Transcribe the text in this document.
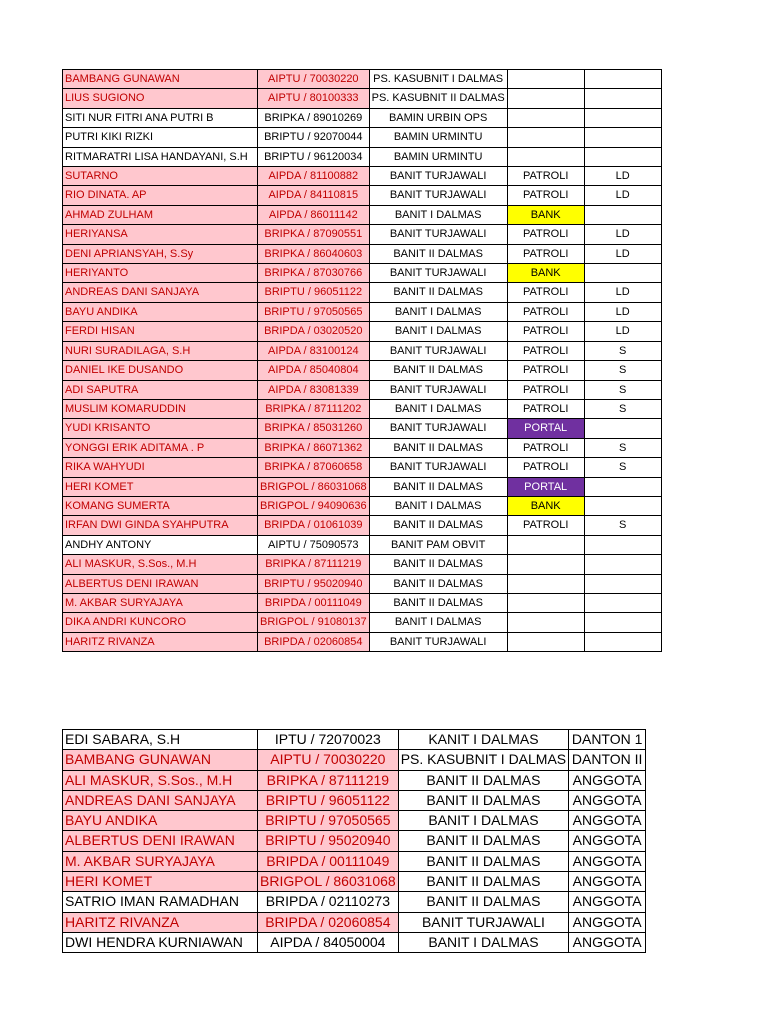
BAMBANG GUNAWAN	AIPTU / 70030220	PS. KASUBNIT I DALMAS		
LIUS SUGIONO	AIPTU / 80100333	PS. KASUBNIT II DALMAS		
SITI NUR FITRI ANA PUTRI B	BRIPKA / 89010269	BAMIN URBIN OPS		
PUTRI KIKI RIZKI	BRIPTU / 92070044	BAMIN URMINTU		
RITMARATRI LISA HANDAYANI, S.H	BRIPTU / 96120034	BAMIN URMINTU		
SUTARNO	AIPDA / 81100882	BANIT TURJAWALI	PATROLI	LD
RIO DINATA. AP	AIPDA / 84110815	BANIT TURJAWALI	PATROLI	LD
AHMAD ZULHAM	AIPDA / 86011142	BANIT I DALMAS	BANK	
HERIYANSA	BRIPKA / 87090551	BANIT TURJAWALI	PATROLI	LD
DENI APRIANSYAH, S.Sy	BRIPKA / 86040603	BANIT II DALMAS	PATROLI	LD
HERIYANTO	BRIPKA / 87030766	BANIT TURJAWALI	BANK	
ANDREAS DANI SANJAYA	BRIPTU / 96051122	BANIT II DALMAS	PATROLI	LD
BAYU ANDIKA	BRIPTU / 97050565	BANIT I DALMAS	PATROLI	LD
FERDI HISAN	BRIPDA / 03020520	BANIT I DALMAS	PATROLI	LD
NURI SURADILAGA, S.H	AIPDA / 83100124	BANIT TURJAWALI	PATROLI	S
DANIEL IKE DUSANDO	AIPDA / 85040804	BANIT II DALMAS	PATROLI	S
ADI SAPUTRA	AIPDA / 83081339	BANIT TURJAWALI	PATROLI	S
MUSLIM KOMARUDDIN	BRIPKA / 87111202	BANIT I DALMAS	PATROLI	S
YUDI KRISANTO	BRIPKA / 85031260	BANIT TURJAWALI	PORTAL	
YONGGI ERIK ADITAMA . P	BRIPKA / 86071362	BANIT II DALMAS	PATROLI	S
RIKA WAHYUDI	BRIPKA / 87060658	BANIT TURJAWALI	PATROLI	S
HERI KOMET	BRIGPOL / 86031068	BANIT II DALMAS	PORTAL	
KOMANG SUMERTA	BRIGPOL / 94090636	BANIT I DALMAS	BANK	
IRFAN DWI GINDA SYAHPUTRA	BRIPDA / 01061039	BANIT II DALMAS	PATROLI	S
ANDHY ANTONY	AIPTU / 75090573	BANIT PAM OBVIT		
ALI MASKUR, S.Sos., M.H	BRIPKA / 87111219	BANIT II DALMAS		
ALBERTUS DENI IRAWAN	BRIPTU / 95020940	BANIT II DALMAS		
M. AKBAR SURYAJAYA	BRIPDA / 00111049	BANIT II DALMAS		
DIKA ANDRI KUNCORO	BRIGPOL / 91080137	BANIT I DALMAS		
HARITZ RIVANZA	BRIPDA / 02060854	BANIT TURJAWALI		
EDI SABARA, S.H	IPTU / 72070023	KANIT I DALMAS	DANTON 1
BAMBANG GUNAWAN	AIPTU / 70030220	PS. KASUBNIT I DALMAS	DANTON II
ALI MASKUR, S.Sos., M.H	BRIPKA / 87111219	BANIT II DALMAS	ANGGOTA
ANDREAS DANI SANJAYA	BRIPTU / 96051122	BANIT II DALMAS	ANGGOTA
BAYU ANDIKA	BRIPTU / 97050565	BANIT I DALMAS	ANGGOTA
ALBERTUS DENI IRAWAN	BRIPTU / 95020940	BANIT II DALMAS	ANGGOTA
M. AKBAR SURYAJAYA	BRIPDA / 00111049	BANIT II DALMAS	ANGGOTA
HERI KOMET	BRIGPOL / 86031068	BANIT II DALMAS	ANGGOTA
SATRIO IMAN RAMADHAN	BRIPDA / 02110273	BANIT II DALMAS	ANGGOTA
HARITZ RIVANZA	BRIPDA / 02060854	BANIT TURJAWALI	ANGGOTA
DWI HENDRA KURNIAWAN	AIPDA / 84050004	BANIT I DALMAS	ANGGOTA
